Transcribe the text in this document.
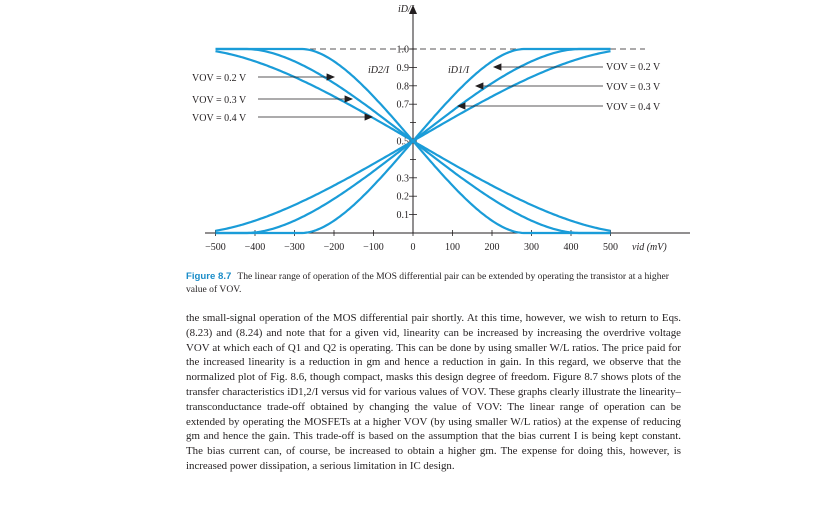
−500 −400 −300 −200 −100	0	100 200 300 400 500
1.0
0.9
0.8
0.7
0.5
0.3
0.2
0.1
iD/I
vid (mV)
iD2/I	iD1/I
VOV = 0.2 V
VOV = 0.3 V
VOV = 0.4 V
VOV = 0.2 V
VOV = 0.3 V
VOV = 0.4 V
Figure 8.7 The linear range of operation of the MOS differential pair can be extended by operating the transistor at a higher value of VOV.

the small-signal operation of the MOS differential pair shortly. At this time, however, we wish to return to Eqs. (8.23) and (8.24) and note that for a given vid, linearity can be increased by increasing the overdrive voltage VOV at which each of Q1 and Q2 is operating. This can be done by using smaller W/L ratios. The price paid for the increased linearity is a reduction in gm and hence a reduction in gain. In this regard, we observe that the normalized plot of Fig. 8.6, though compact, masks this design degree of freedom. Figure 8.7 shows plots of the transfer characteristics iD1,2/I versus vid for various values of VOV. These graphs clearly illustrate the linearity–transconductance trade-off obtained by changing the value of VOV: The linear range of operation can be extended by operating the MOSFETs at a higher VOV (by using smaller W/L ratios) at the expense of reducing gm and hence the gain. This trade-off is based on the assumption that the bias current I is being kept constant. The bias current can, of course, be increased to obtain a higher gm. The expense for doing this, however, is increased power dissipation, a serious limitation in IC design.
